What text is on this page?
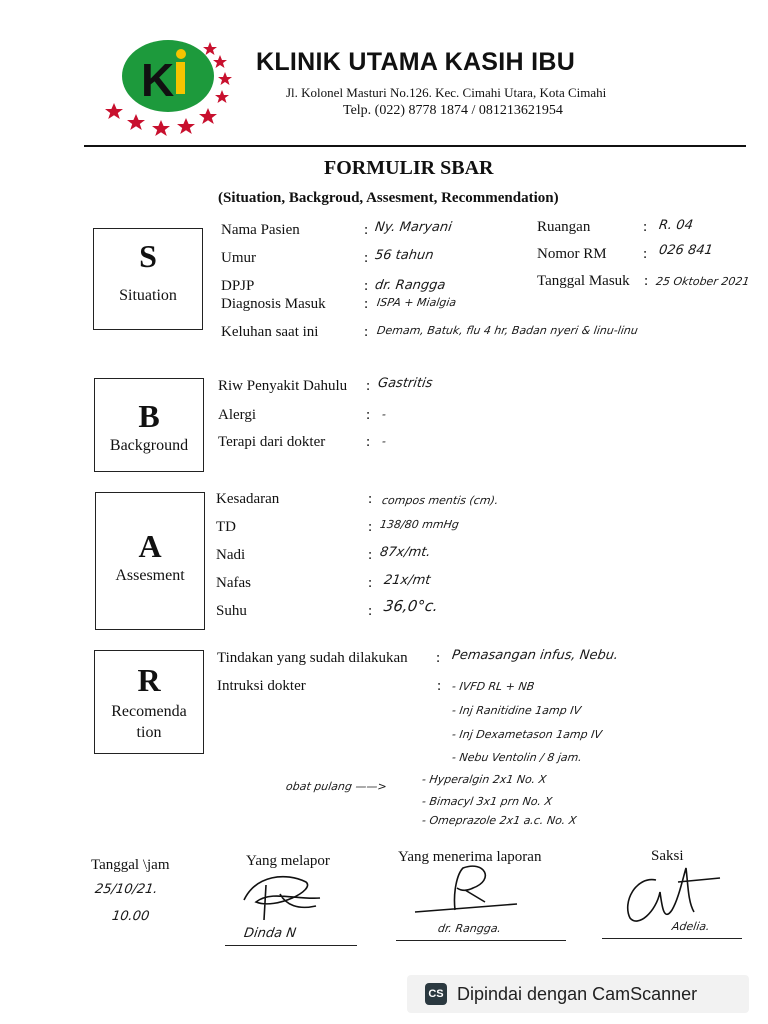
K	KLINIK UTAMA KASIH IBU
Jl. Kolonel Masturi No.126. Kec. Cimahi Utara, Kota Cimahi
Telp. (022) 8778 1874 / 081213621954
FORMULIR SBAR
(Situation, Backgroud, Assesment, Recommendation)
S
Situation
Nama Pasien	: Ny. Maryani
Umur	: 56 tahun
DPJP	: dr. Rangga
Diagnosis Masuk	: ISPA + Mialgia
Keluhan saat ini	: Demam, Batuk, flu 4 hr, Badan nyeri & linu-linu
Ruangan	: R. 04
Nomor RM : 026 841
Tanggal Masuk : 25 Oktober 2021
B
Background
Riw Penyakit Dahulu : Gastritis
Alergi	: -
Terapi dari dokter	: -
A
Assesment
Kesadaran	: compos mentis (cm).
TD	: 138/80 mmHg
Nadi	: 87x/mt.
Nafas	: 21x/mt
Suhu	: 36,0°c.
R
Recomenda
tion
Tindakan yang sudah dilakukan : Pemasangan infus, Nebu.
Intruksi dokter	: - IVFD RL + NB
- Inj Ranitidine 1amp IV
- Inj Dexametason 1amp IV
- Nebu Ventolin / 8 jam.
obat pulang ——>
- Hyperalgin 2x1 No. X
- Bimacyl 3x1 prn No. X
- Omeprazole 2x1 a.c. No. X
Tanggal \jam
25/10/21.
10.00
Yang melapor
Dinda N
Yang menerima laporan
dr. Rangga.
Saksi
Adelia.
CS Dipindai dengan CamScanner
